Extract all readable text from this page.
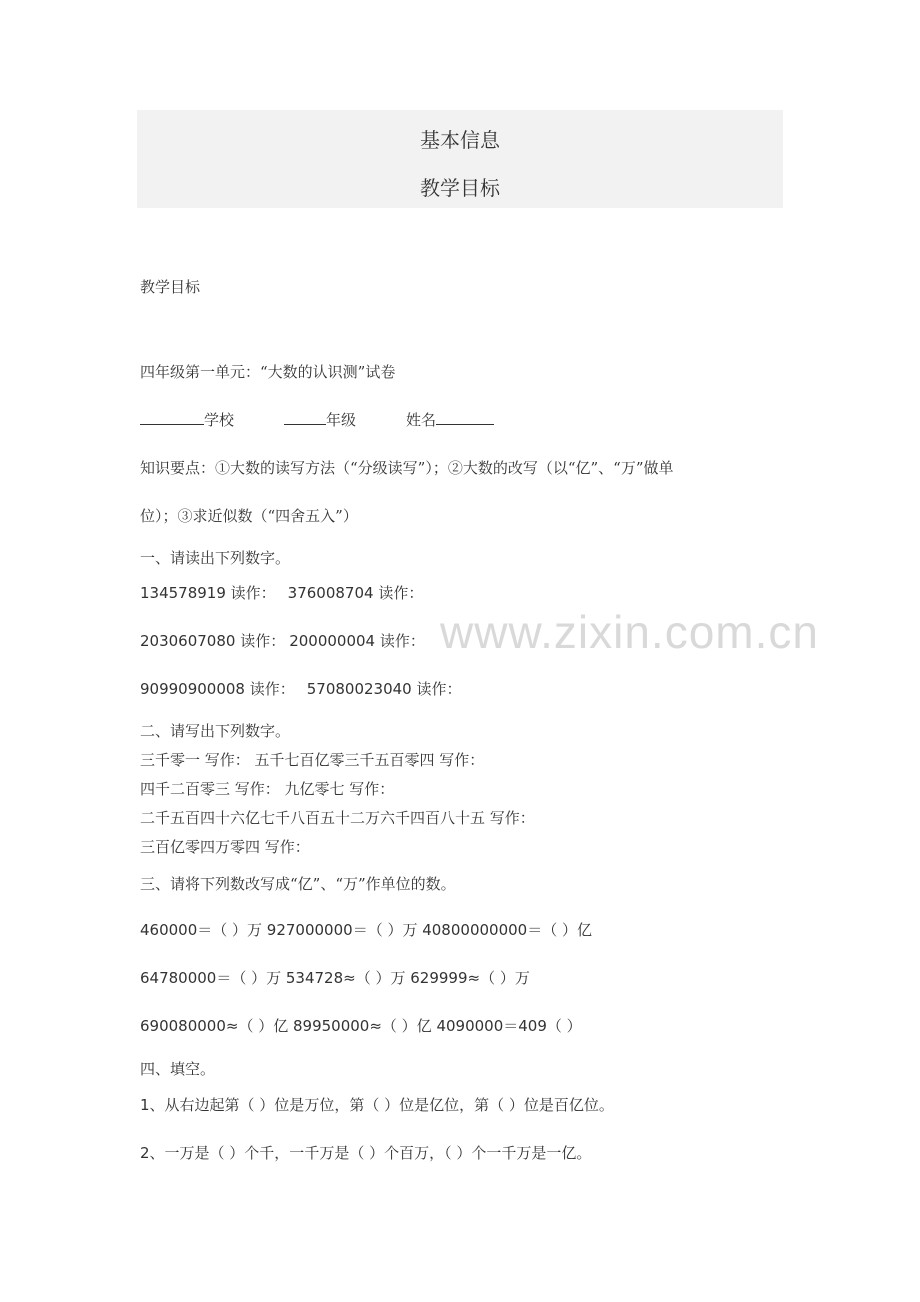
基本信息
教学目标
教学目标
四年级第一单元：“大数的认识测”试卷
学校	年级	姓名
知识要点：①大数的读写方法（“分级读写”）；②大数的改写（以“亿”、“万”做单
位）；③求近似数（“四舍五入”）
一、请读出下列数字。
134578919 读作： 376008704 读作：
2030607080 读作： 200000004 读作：
90990900008 读作： 57080023040 读作：
二、请写出下列数字。
三千零一 写作： 五千七百亿零三千五百零四 写作：
四千二百零三 写作： 九亿零七 写作：
二千五百四十六亿七千八百五十二万六千四百八十五 写作：
三百亿零四万零四 写作：
三、请将下列数改写成“亿”、“万”作单位的数。
460000＝（ ）万 927000000＝（ ）万 40800000000＝（ ）亿
64780000＝（ ）万 534728≈（ ）万 629999≈（ ）万
690080000≈（ ）亿 89950000≈（ ）亿 4090000＝409（ ）
四、填空。
1、从右边起第（ ）位是万位，第（ ）位是亿位，第（ ）位是百亿位。
2、一万是（ ）个千，一千万是（ ）个百万，（ ）个一千万是一亿。
www.zixin.com.cn
